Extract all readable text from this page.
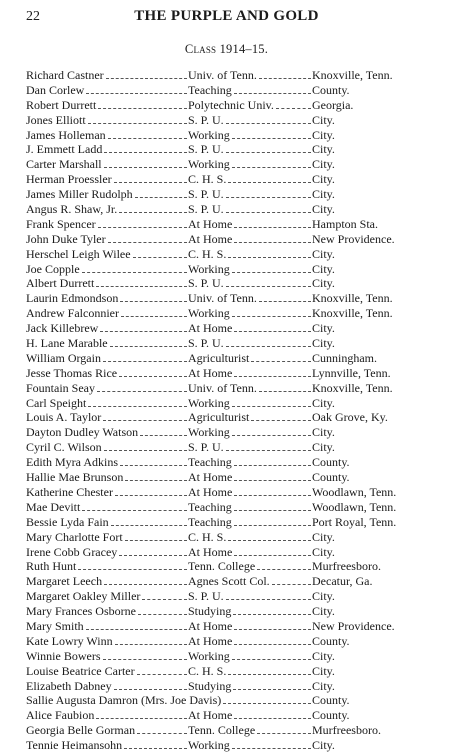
22	THE PURPLE AND GOLD
Class 1914–15.
Richard Castner	Univ. of Tenn.	Knoxville, Tenn.
Dan Corlew	Teaching	County.
Robert Durrett	Polytechnic Univ.	Georgia.
Jones Elliott	S. P. U.	City.
James Holleman	Working	City.
J. Emmett Ladd	S. P. U.	City.
Carter Marshall	Working	City.
Herman Proessler	C. H. S.	City.
James Miller Rudolph	S. P. U.	City.
Angus R. Shaw, Jr.	S. P. U.	City.
Frank Spencer	At Home	Hampton Sta.
John Duke Tyler	At Home	New Providence.
Herschel Leigh Wilee	C. H. S.	City.
Joe Copple	Working	City.
Albert Durrett	S. P. U.	City.
Laurin Edmondson	Univ. of Tenn.	Knoxville, Tenn.
Andrew Falconnier	Working	Knoxville, Tenn.
Jack Killebrew	At Home	City.
H. Lane Marable	S. P. U.	City.
William Orgain	Agriculturist	Cunningham.
Jesse Thomas Rice	At Home	Lynnville, Tenn.
Fountain Seay	Univ. of Tenn.	Knoxville, Tenn.
Carl Speight	Working	City.
Louis A. Taylor	Agriculturist	Oak Grove, Ky.
Dayton Dudley Watson	Working	City.
Cyril C. Wilson	S. P. U.	City.
Edith Myra Adkins	Teaching	County.
Hallie Mae Brunson	At Home	County.
Katherine Chester	At Home	Woodlawn, Tenn.
Mae Devitt	Teaching	Woodlawn, Tenn.
Bessie Lyda Fain	Teaching	Port Royal, Tenn.
Mary Charlotte Fort	C. H. S.	City.
Irene Cobb Gracey	At Home	City.
Ruth Hunt	Tenn. College	Murfreesboro.
Margaret Leech	Agnes Scott Col.	Decatur, Ga.
Margaret Oakley Miller	S. P. U.	City.
Mary Frances Osborne	Studying	City.
Mary Smith	At Home	New Providence.
Kate Lowry Winn	At Home	County.
Winnie Bowers	Working	City.
Louise Beatrice Carter	C. H. S.	City.
Elizabeth Dabney	Studying	City.
Sallie Augusta Damron (Mrs. Joe Davis)	County.
Alice Faubion	At Home	County.
Georgia Belle Gorman	Tenn. College	Murfreesboro.
Tennie Heimansohn	Working	City.
